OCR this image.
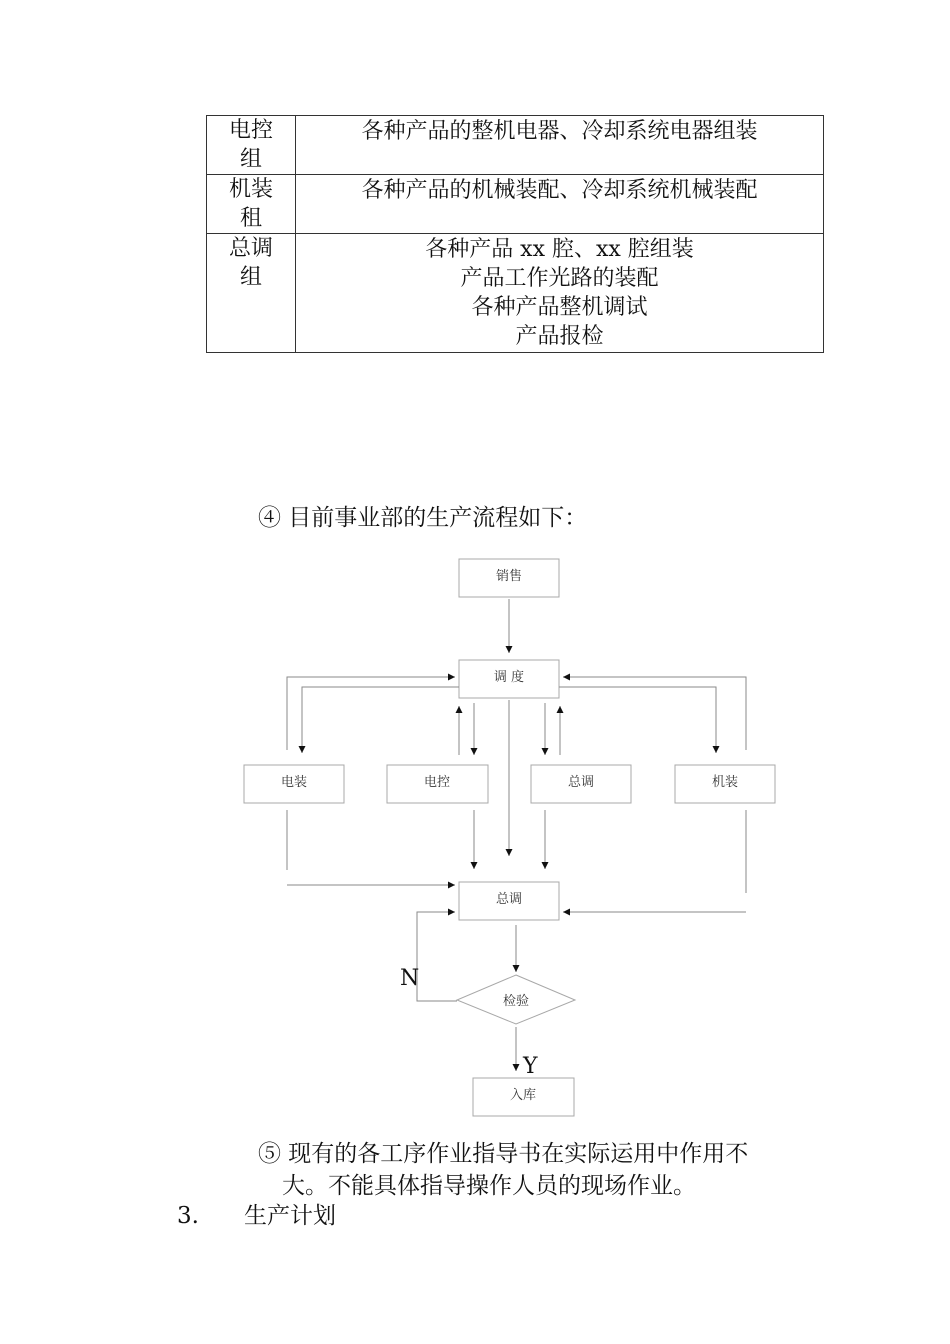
电控
组	各种产品的整机电器、冷却系统电器组装

机装
租	各种产品的机械装配、冷却系统机械装配

总调
组	各种产品 xx 腔、xx 腔组装
产品工作光路的装配
各种产品整机调试
产品报检
④ 目前事业部的生产流程如下：
销售
调 度
电装	电控	总调	机装
总调
检验
入库
N
Y
⑤ 现有的各工序作业指导书在实际运用中作用不
大。不能具体指导操作人员的现场作业。
3. 生产计划
